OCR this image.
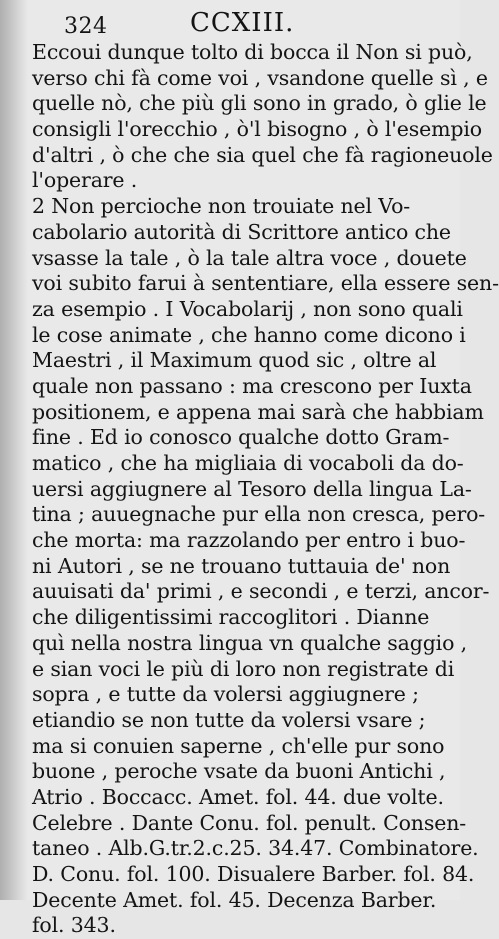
324	CCXIII.
Eccoui dunque tolto di bocca il Non si può,
verso chi fà come voi , vsandone quelle sì , e
quelle nò, che più gli sono in grado, ò glie le
consigli l'orecchio , ò'l bisogno , ò l'esempio
d'altri , ò che che sia quel che fà ragioneuole
l'operare .
2 Non percioche non trouiate nel Vo-
cabolario autorità di Scrittore antico che
vsasse la tale , ò la tale altra voce , douete
voi subito farui à sententiare, ella essere sen-
za esempio . I Vocabolarij , non sono quali
le cose animate , che hanno come dicono i
Maestri , il Maximum quod sic , oltre al
quale non passano : ma crescono per Iuxta
positionem, e appena mai sarà che habbiam
fine . Ed io conosco qualche dotto Gram-
matico , che ha migliaia di vocaboli da do-
uersi aggiugnere al Tesoro della lingua La-
tina ; auuegnache pur ella non cresca, pero-
che morta: ma razzolando per entro i buo-
ni Autori , se ne trouano tuttauia de' non
auuisati da' primi , e secondi , e terzi, ancor-
che diligentissimi raccoglitori . Dianne
quì nella nostra lingua vn qualche saggio ,
e sian voci le più di loro non registrate di
sopra , e tutte da volersi aggiugnere ;
etiandio se non tutte da volersi vsare ;
ma si conuien saperne , ch'elle pur sono
buone , peroche vsate da buoni Antichi ,
Atrio . Boccacc. Amet. fol. 44. due volte.
Celebre . Dante Conu. fol. penult. Consen-
taneo . Alb.G.tr.2.c.25. 34.47. Combinatore.
D. Conu. fol. 100. Disualere Barber. fol. 84.
Decente Amet. fol. 45. Decenza Barber.
fol. 343.
